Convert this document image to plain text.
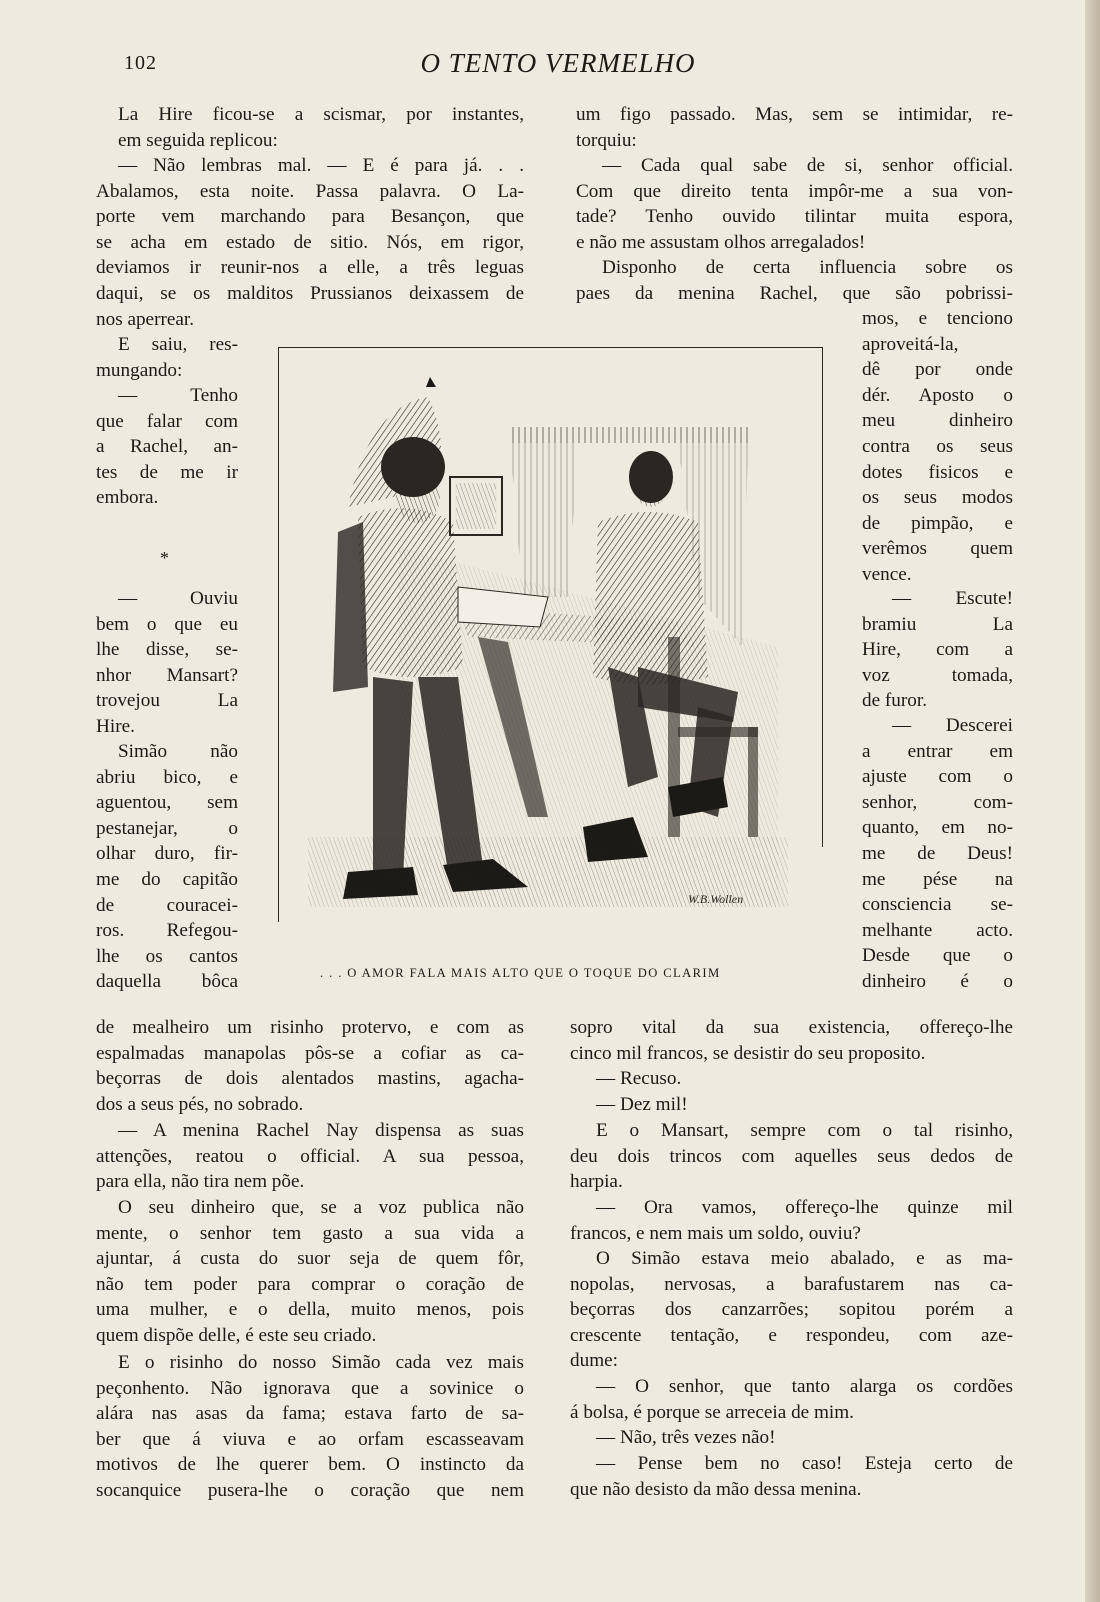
102	O TENTO VERMELHO
La Hire ficou-se a scismar, por instantes,
em seguida replicou:
— Não lembras mal. — E é para já. . .
Abalamos, esta noite. Passa palavra. O La-
porte vem marchando para Besançon, que
se acha em estado de sitio. Nós, em rigor,
deviamos ir reunir-nos a elle, a três leguas
daqui, se os malditos Prussianos deixassem de
nos aperrear.
E saiu, res-
mungando:
— Tenho
que falar com
a Rachel, an-
tes de me ir
embora.
*
— Ouviu
bem o que eu
lhe disse, se-
nhor Mansart?
trovejou La
Hire.
Simão não
abriu bico, e
aguentou, sem
pestanejar, o
olhar duro, fir-
me do capitão
de couracei-
ros. Refegou-
lhe os cantos
daquella bôca
de mealheiro um risinho protervo, e com as
espalmadas manapolas pôs-se a cofiar as ca-
beçorras de dois alentados mastins, agacha-
dos a seus pés, no sobrado.
— A menina Rachel Nay dispensa as suas
attenções, reatou o official. A sua pessoa,
para ella, não tira nem põe.
O seu dinheiro que, se a voz publica não
mente, o senhor tem gasto a sua vida a
ajuntar, á custa do suor seja de quem fôr,
não tem poder para comprar o coração de
uma mulher, e o della, muito menos, pois
quem dispõe delle, é este seu criado.
E o risinho do nosso Simão cada vez mais
peçonhento. Não ignorava que a sovinice o
alára nas asas da fama; estava farto de sa-
ber que á viuva e ao orfam escasseavam
motivos de lhe querer bem. O instincto da
socanquice pusera-lhe o coração que nem
um figo passado. Mas, sem se intimidar, re-
torquiu:
— Cada qual sabe de si, senhor official.
Com que direito tenta impôr-me a sua von-
tade? Tenho ouvido tilintar muita espora,
e não me assustam olhos arregalados!
Disponho de certa influencia sobre os
paes da menina Rachel, que são pobrissi-
mos, e tenciono
aproveitá-la,
dê por onde
dér. Aposto o
meu dinheiro
contra os seus
dotes fisicos e
os seus modos
de pimpão, e
verêmos quem
vence.
— Escute!
bramiu La
Hire, com a
voz tomada,
de furor.
— Descerei
a entrar em
ajuste com o
senhor, com-
quanto, em no-
me de Deus!
me pése na
consciencia se-
melhante acto.
Desde que o
dinheiro é o
sopro vital da sua existencia, offereço-lhe
cinco mil francos, se desistir do seu proposito.
— Recuso.
— Dez mil!
E o Mansart, sempre com o tal risinho,
deu dois trincos com aquelles seus dedos de
harpia.
— Ora vamos, offereço-lhe quinze mil
francos, e nem mais um soldo, ouviu?
O Simão estava meio abalado, e as ma-
nopolas, nervosas, a barafustarem nas ca-
beçorras dos canzarrões; sopitou porém a
crescente tentação, e respondeu, com aze-
dume:
— O senhor, que tanto alarga os cordões
á bolsa, é porque se arreceia de mim.
— Não, três vezes não!
— Pense bem no caso! Esteja certo de
que não desisto da mão dessa menina.
W.B.Wollen
. . . O AMOR FALA MAIS ALTO QUE O TOQUE DO CLARIM
